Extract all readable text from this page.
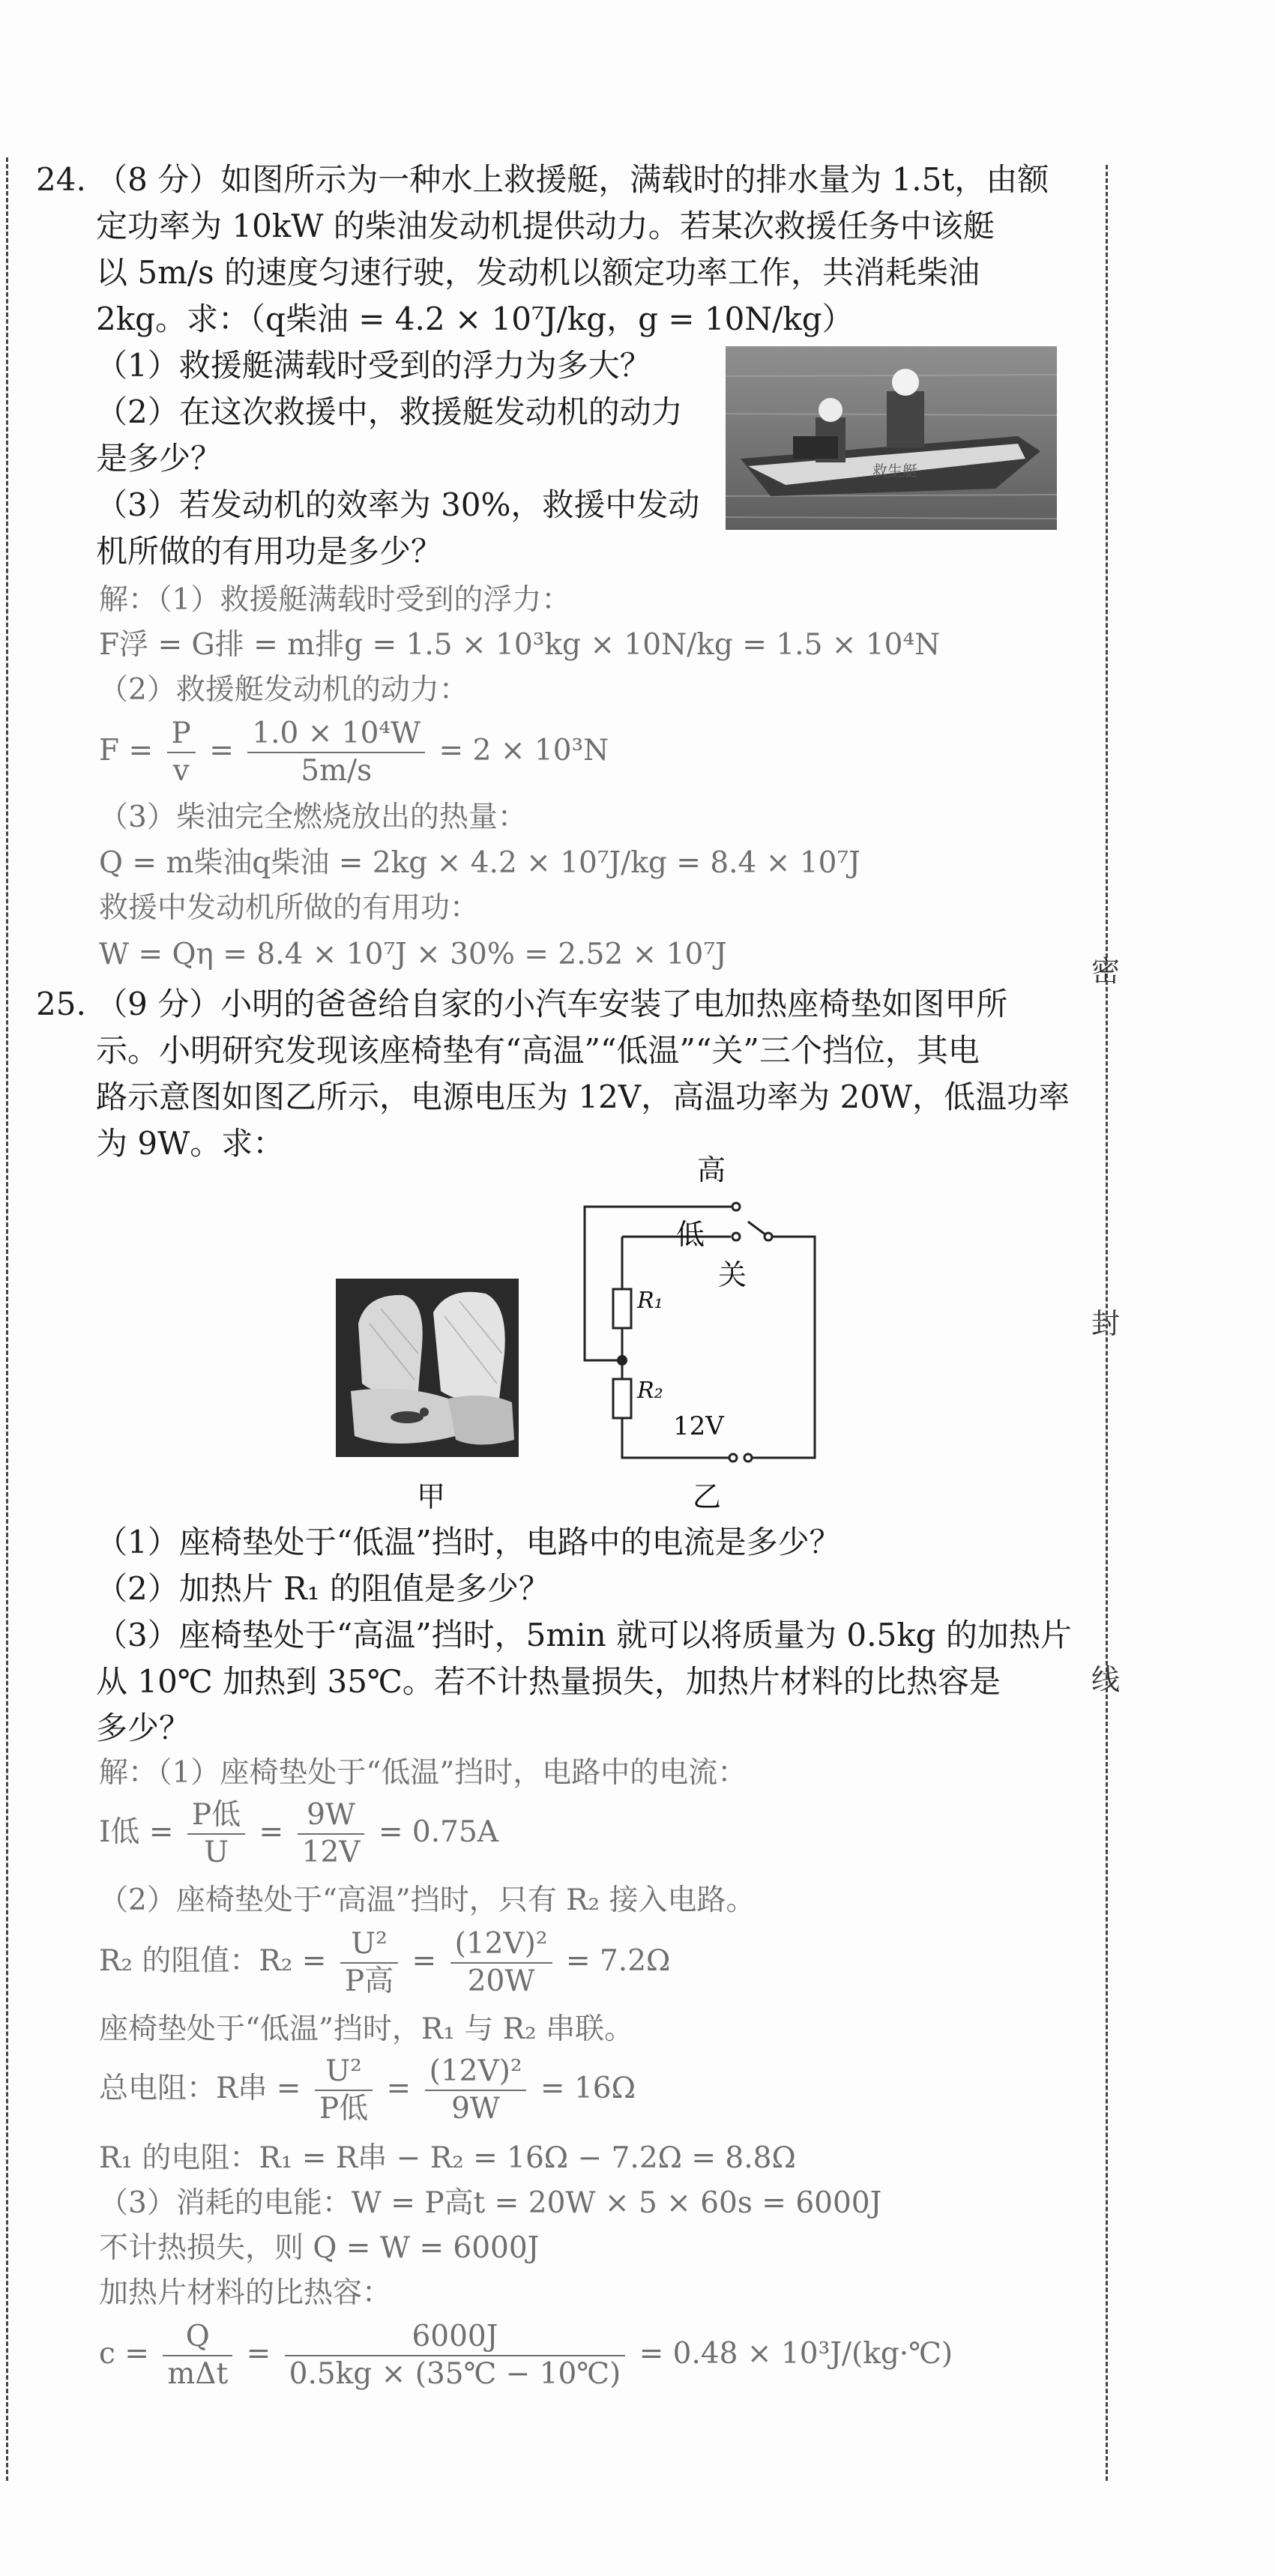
密
封
线
24. （8 分）如图所示为一种水上救援艇，满载时的排水量为 1.5t，由额
定功率为 10kW 的柴油发动机提供动力。若某次救援任务中该艇
以 5m/s 的速度匀速行驶，发动机以额定功率工作，共消耗柴油
2kg。求：（q柴油 = 4.2 × 10⁷J/kg，g = 10N/kg）
（1）救援艇满载时受到的浮力为多大？
（2）在这次救援中，救援艇发动机的动力
是多少？
（3）若发动机的效率为 30%，救援中发动
机所做的有用功是多少？
救生艇
解：（1）救援艇满载时受到的浮力：
F浮 = G排 = m排g = 1.5 × 10³kg × 10N/kg = 1.5 × 10⁴N
（2）救援艇发动机的动力：
$F = \frac{P}{v} = \frac{\text{1.0 × 10⁴W}}{5m/s} = 2 \times 10^3N$
（3）柴油完全燃烧放出的热量：
Q = m柴油q柴油 = 2kg × 4.2 × 10⁷J/kg = 8.4 × 10⁷J
救援中发动机所做的有用功：
W = Qη = 8.4 × 10⁷J × 30% = 2.52 × 10⁷J
25. （9 分）小明的爸爸给自家的小汽车安装了电加热座椅垫如图甲所
示。小明研究发现该座椅垫有“高温”“低温”“关”三个挡位，其电
路示意图如图乙所示，电源电压为 12V，高温功率为 20W，低温功率
为 9W。求：
甲
高
低
关
R₁
R₂
12V
乙
（1）座椅垫处于“低温”挡时，电路中的电流是多少？
（2）加热片 R₁ 的阻值是多少？
（3）座椅垫处于“高温”挡时，5min 就可以将质量为 0.5kg 的加热片
从 10℃ 加热到 35℃。若不计热量损失，加热片材料的比热容是
多少？
解：（1）座椅垫处于“低温”挡时，电路中的电流：
I低 = $\frac{\text{P低}}{U} = \frac{9W}{12V} = 0.75A$
（2）座椅垫处于“高温”挡时，只有 R₂ 接入电路。
R₂ 的阻值：$R_2 = \frac{\text{U²}}{\text{P高}} = \frac{\text{(12V)²}}{20W} = 7.2\Omega$
座椅垫处于“低温”挡时，R₁ 与 R₂ 串联。
总电阻：R串 = $\frac{\text{U²}}{\text{P低}} = \frac{\text{(12V)²}}{9W} = 16\Omega$
R₁ 的电阻：R₁ = R串 − R₂ = 16Ω − 7.2Ω = 8.8Ω
（3）消耗的电能：W = P高t = 20W × 5 × 60s = 6000J
不计热损失，则 Q = W = 6000J
加热片材料的比热容：
$c = \frac{Q}{\text{mΔt}} = \frac{6000J}{0.5kg \times (35℃ - 10℃)} = 0.48$ × 10³J/(kg·℃)
